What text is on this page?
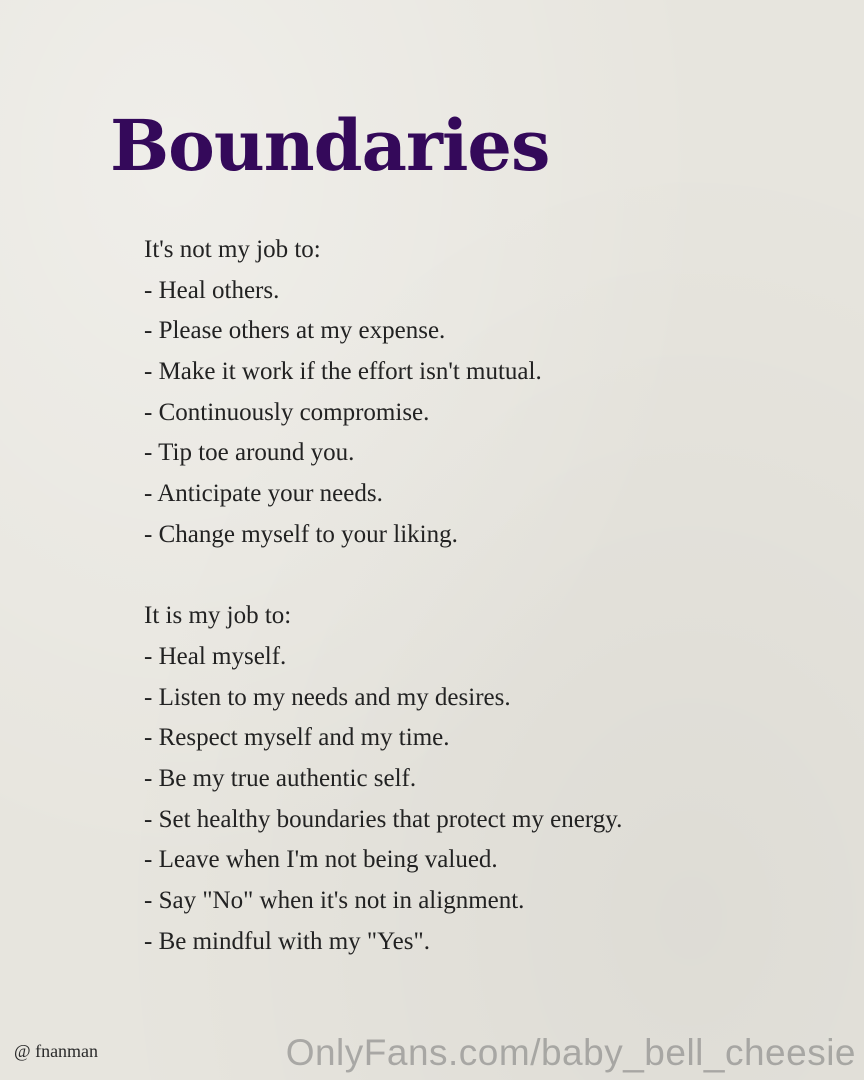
Boundaries
It's not my job to:
- Heal others.
- Please others at my expense.
- Make it work if the effort isn't mutual.
- Continuously compromise.
- Tip toe around you.
- Anticipate your needs.
- Change myself to your liking.
It is my job to:
- Heal myself.
- Listen to my needs and my desires.
- Respect myself and my time.
- Be my true authentic self.
- Set healthy boundaries that protect my energy.
- Leave when I'm not being valued.
- Say "No" when it's not in alignment.
- Be mindful with my "Yes".
@ fnanman	OnlyFans.com/baby_bell_cheesie
